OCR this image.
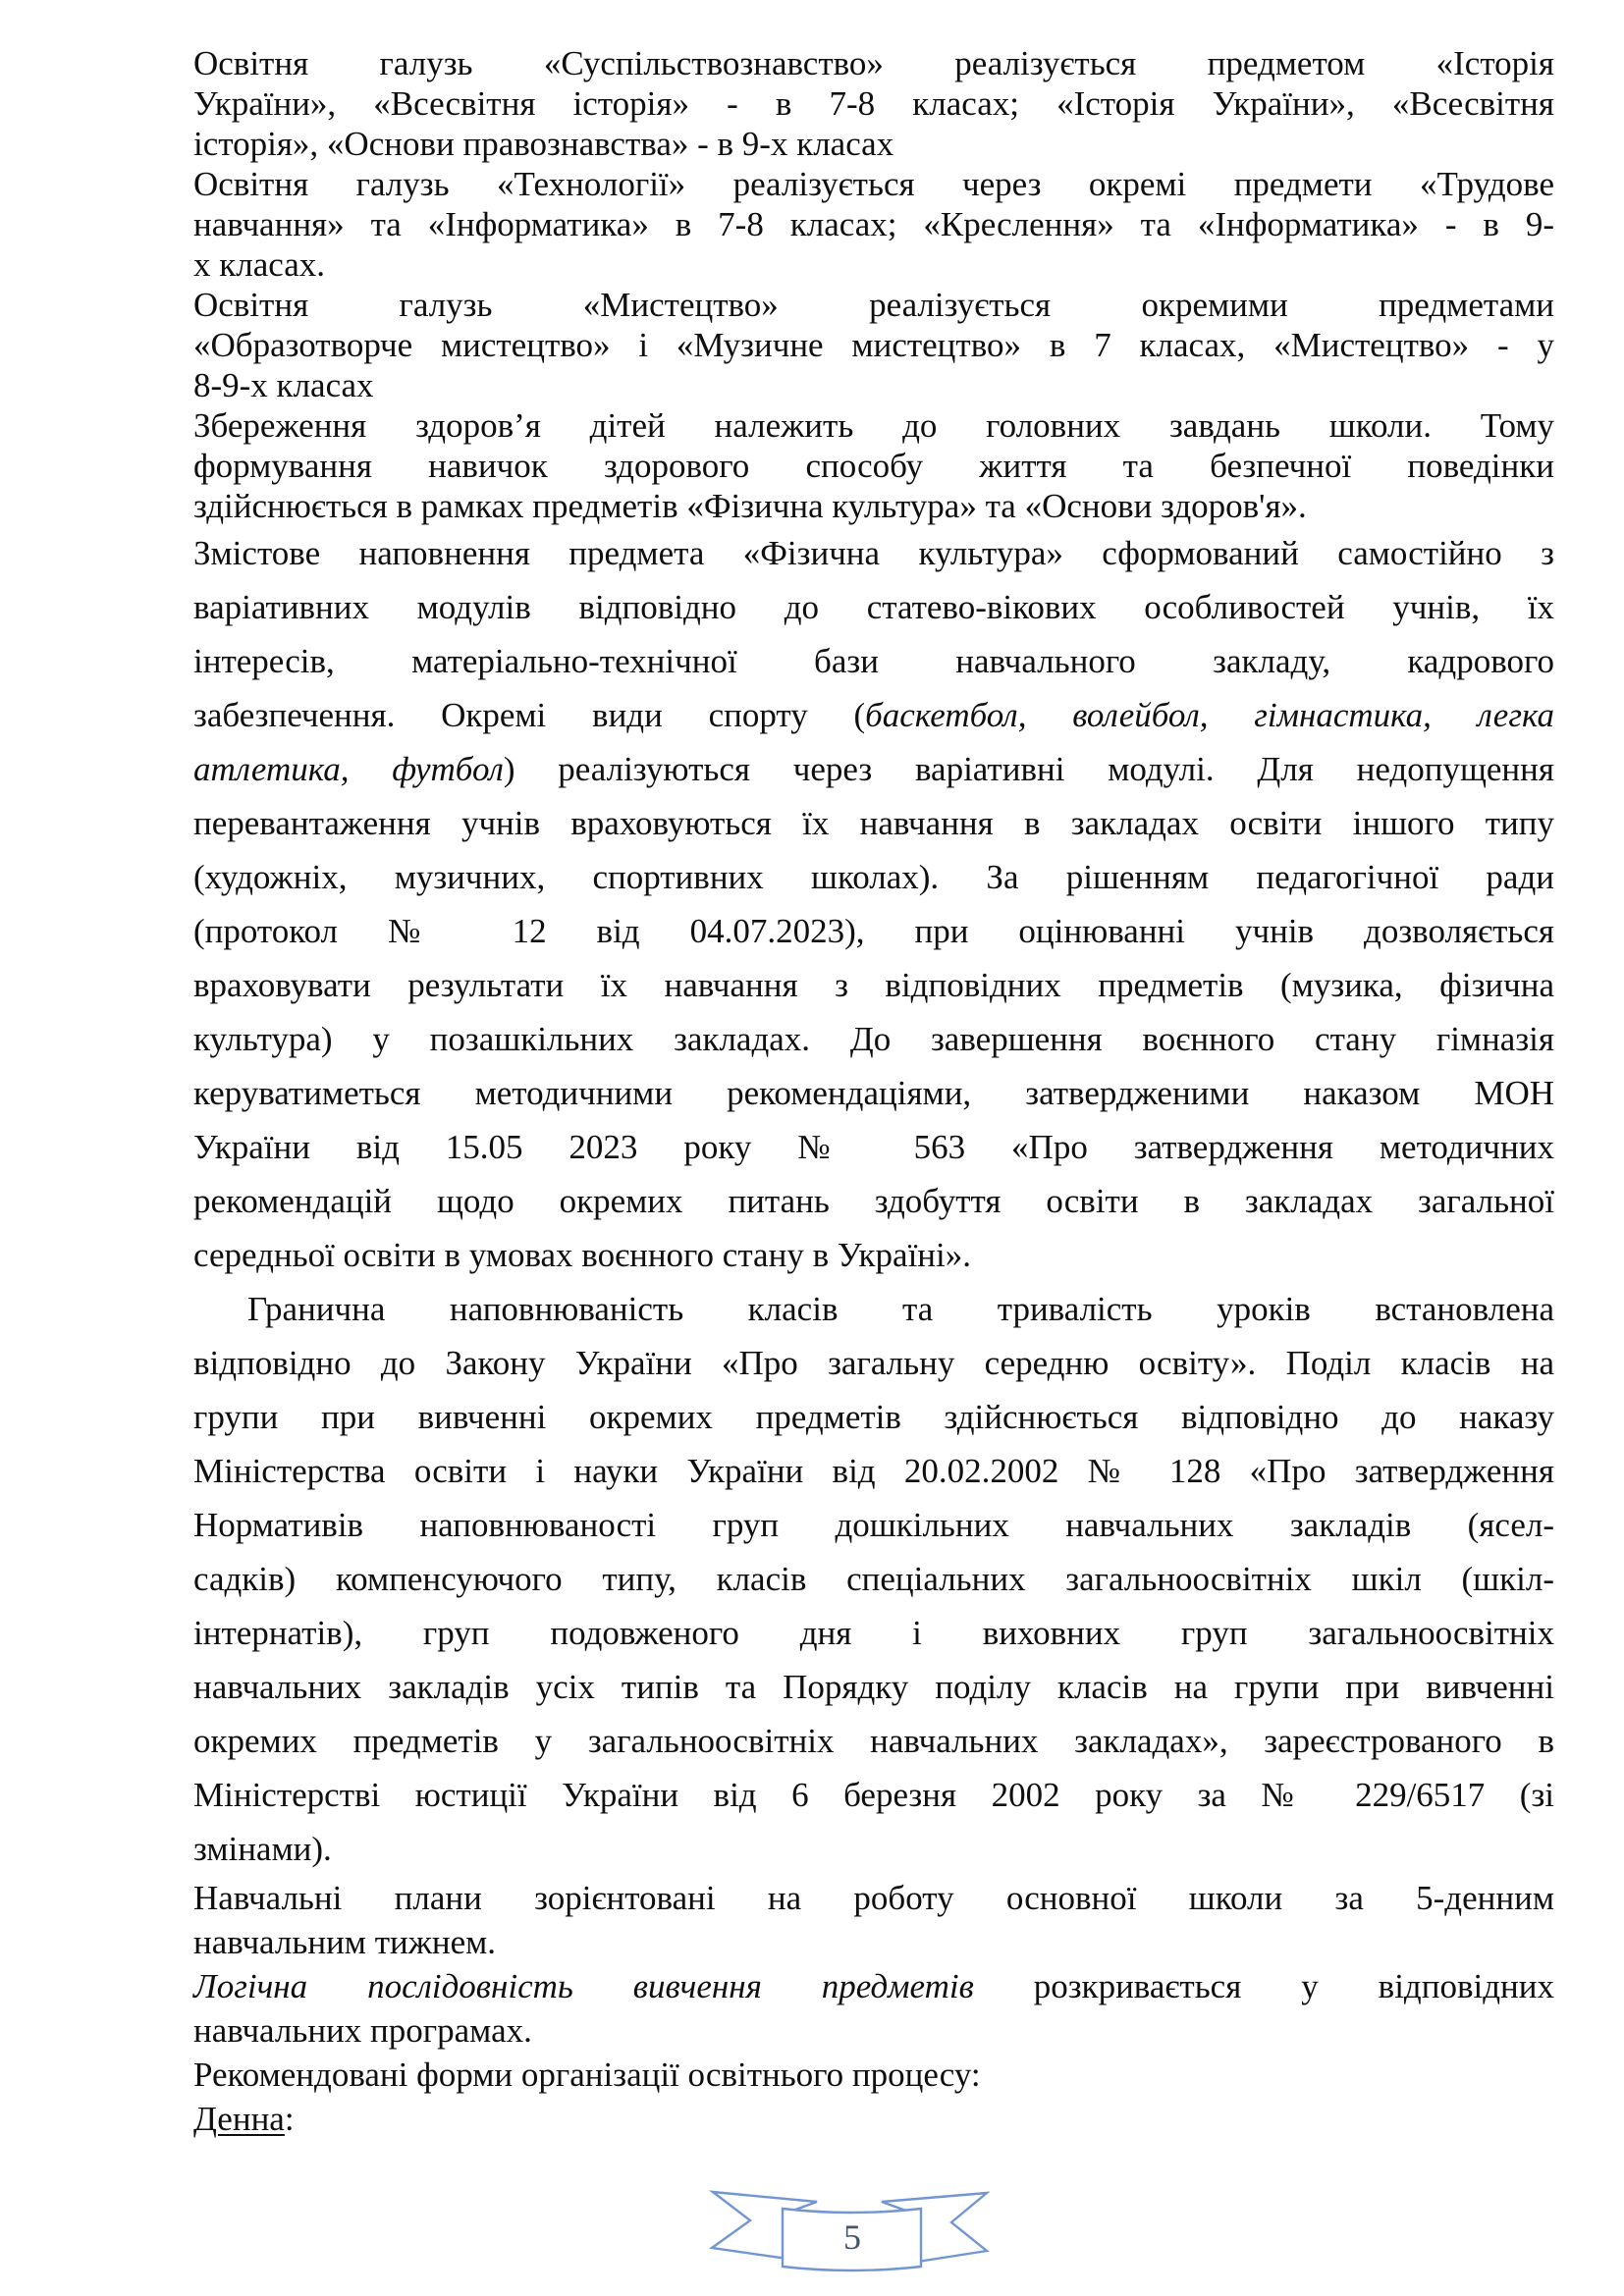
Освітня галузь «Суспільствознавство» реалізується предметом «Історія
України», «Всесвітня історія» - в 7-8 класах; «Історія України», «Всесвітня
історія», «Основи правознавства» - в 9-х класах
Освітня галузь «Технології» реалізується через окремі предмети «Трудове
навчання» та «Інформатика» в 7-8 класах; «Креслення» та «Інформатика» - в 9-
х класах.
Освітня галузь «Мистецтво» реалізується окремими предметами
«Образотворче мистецтво» і «Музичне мистецтво» в 7 класах, «Мистецтво» - у
8-9-х класах
Збереження здоров’я дітей належить до головних завдань школи. Тому
формування навичок здорового способу життя та безпечної поведінки
здійснюється в рамках предметів «Фізична культура» та «Основи здоров'я».
Змістове наповнення предмета «Фізична культура» сформований самостійно з
варіативних модулів відповідно до статево-вікових особливостей учнів, їх
інтересів, матеріально-технічної бази навчального закладу, кадрового
забезпечення. Окремі види спорту (баскетбол, волейбол, гімнастика, легка
атлетика, футбол) реалізуються через варіативні модулі. Для недопущення
перевантаження учнів враховуються їх навчання в закладах освіти іншого типу
(художніх, музичних, спортивних школах). За рішенням педагогічної ради
(протокол № 12 від 04.07.2023), при оцінюванні учнів дозволяється
враховувати результати їх навчання з відповідних предметів (музика, фізична
культура) у позашкільних закладах. До завершення воєнного стану гімназія
керуватиметься методичними рекомендаціями, затвердженими наказом МОН
України від 15.05 2023 року № 563 «Про затвердження методичних
рекомендацій щодо окремих питань здобуття освіти в закладах загальної
середньої освіти в умовах воєнного стану в Україні».
Гранична наповнюваність класів та тривалість уроків встановлена
відповідно до Закону України «Про загальну середню освіту». Поділ класів на
групи при вивченні окремих предметів здійснюється відповідно до наказу
Міністерства освіти і науки України від 20.02.2002 № 128 «Про затвердження
Нормативів наповнюваності груп дошкільних навчальних закладів (ясел-
садків) компенсуючого типу, класів спеціальних загальноосвітніх шкіл (шкіл-
інтернатів), груп подовженого дня і виховних груп загальноосвітніх
навчальних закладів усіх типів та Порядку поділу класів на групи при вивченні
окремих предметів у загальноосвітніх навчальних закладах», зареєстрованого в
Міністерстві юстиції України від 6 березня 2002 року за № 229/6517 (зі
змінами).
Навчальні плани зорієнтовані на роботу основної школи за 5-денним
навчальним тижнем.
Логічна послідовність вивчення предметів розкривається у відповідних
навчальних програмах.
Рекомендовані форми організації освітнього процесу:
Денна:
5
